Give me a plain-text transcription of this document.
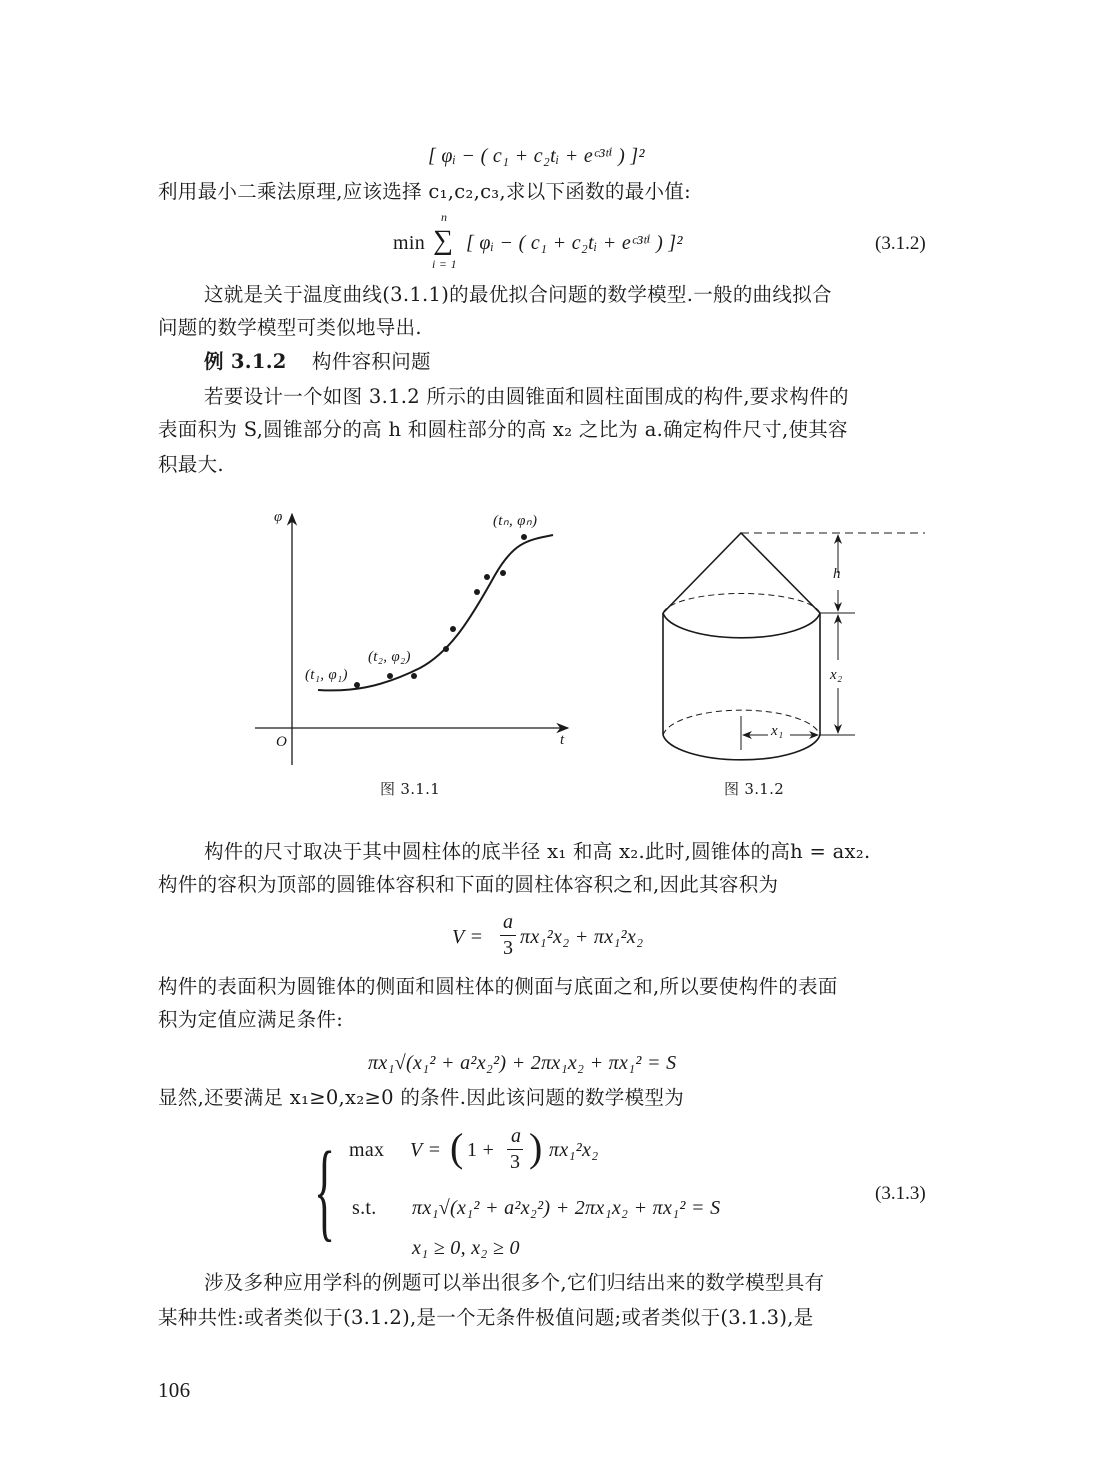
[ φᵢ − ( c₁ + c₂tᵢ + eᶜ³ᵗⁱ ) ]²
利用最小二乘法原理,应该选择 c₁,c₂,c₃,求以下函数的最小值:
min ∑
n
i = 1
[ φᵢ − ( c₁ + c₂tᵢ + eᶜ³ᵗⁱ ) ]²	(3.1.2)
这就是关于温度曲线(3.1.1)的最优拟合问题的数学模型.一般的曲线拟合
问题的数学模型可类似地导出.
例 3.1.2 构件容积问题
若要设计一个如图 3.1.2 所示的由圆锥面和圆柱面围成的构件,要求构件的
表面积为 S,圆锥部分的高 h 和圆柱部分的高 x₂ 之比为 a.确定构件尺寸,使其容
积最大.
φ
t
O
(t₁, φ₁)
(t₂, φ₂)
(tₙ, φₙ)
图 3.1.1
h
x₂
x₁
图 3.1.2
构件的尺寸取决于其中圆柱体的底半径 x₁ 和高 x₂.此时,圆锥体的高h = ax₂.
构件的容积为顶部的圆锥体容积和下面的圆柱体容积之和,因此其容积为
V =
a
3 πx₁²x₂ + πx₁²x₂
构件的表面积为圆锥体的侧面和圆柱体的侧面与底面之和,所以要使构件的表面
积为定值应满足条件:
πx₁√(x₁² + a²x₂²) + 2πx₁x₂ + πx₁² = S
显然,还要满足 x₁≥0,x₂≥0 的条件.因此该问题的数学模型为
{ max V = ( 1 +
a
3 ) πx₁²x₂
s.t. πx₁√(x₁² + a²x₂²) + 2πx₁x₂ + πx₁² = S
x₁ ≥ 0, x₂ ≥ 0
(3.1.3)
涉及多种应用学科的例题可以举出很多个,它们归结出来的数学模型具有
某种共性:或者类似于(3.1.2),是一个无条件极值问题;或者类似于(3.1.3),是
106
